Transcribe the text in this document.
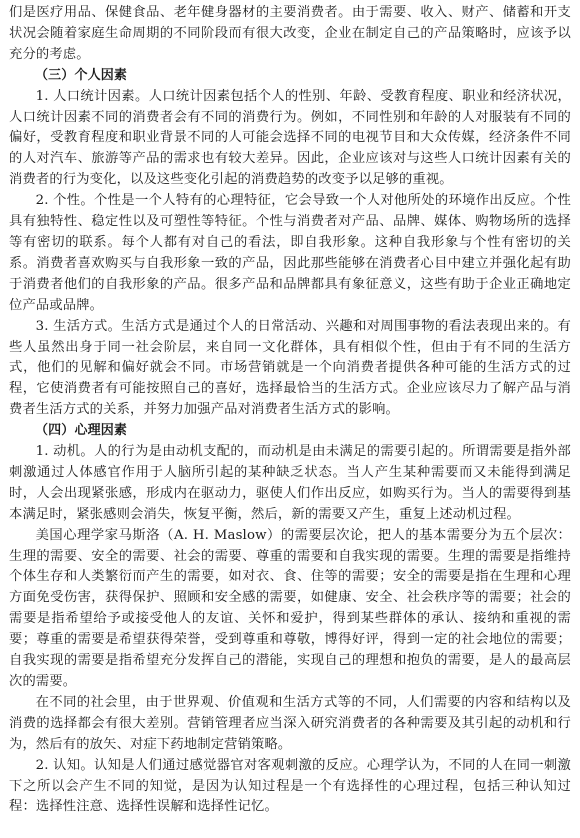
们是医疗用品、保健食品、老年健身器材的主要消费者。由于需要、收入、财产、储蓄和开支状况会随着家庭生命周期的不同阶段而有很大改变，企业在制定自己的产品策略时，应该予以充分的考虑。

（三）个人因素

1. 人口统计因素。人口统计因素包括个人的性别、年龄、受教育程度、职业和经济状况，人口统计因素不同的消费者会有不同的消费行为。例如，不同性别和年龄的人对服装有不同的偏好，受教育程度和职业背景不同的人可能会选择不同的电视节目和大众传媒，经济条件不同的人对汽车、旅游等产品的需求也有较大差异。因此，企业应该对与这些人口统计因素有关的消费者的行为变化，以及这些变化引起的消费趋势的改变予以足够的重视。

2. 个性。个性是一个人特有的心理特征，它会导致一个人对他所处的环境作出反应。个性具有独特性、稳定性以及可塑性等特征。个性与消费者对产品、品牌、媒体、购物场所的选择等有密切的联系。每个人都有对自己的看法，即自我形象。这种自我形象与个性有密切的关系。消费者喜欢购买与自我形象一致的产品，因此那些能够在消费者心目中建立并强化起有助于消费者他们的自我形象的产品。很多产品和品牌都具有象征意义，这些有助于企业正确地定位产品或品牌。

3. 生活方式。生活方式是通过个人的日常活动、兴趣和对周围事物的看法表现出来的。有些人虽然出身于同一社会阶层，来自同一文化群体，具有相似个性，但由于有不同的生活方式，他们的见解和偏好就会不同。市场营销就是一个向消费者提供各种可能的生活方式的过程，它使消费者有可能按照自己的喜好，选择最恰当的生活方式。企业应该尽力了解产品与消费者生活方式的关系，并努力加强产品对消费者生活方式的影响。

（四）心理因素

1. 动机。人的行为是由动机支配的，而动机是由未满足的需要引起的。所谓需要是指外部刺激通过人体感官作用于人脑所引起的某种缺乏状态。当人产生某种需要而又未能得到满足时，人会出现紧张感，形成内在驱动力，驱使人们作出反应，如购买行为。当人的需要得到基本满足时，紧张感则会消失，恢复平衡，然后，新的需要又产生，重复上述动机过程。

美国心理学家马斯洛（A. H. Maslow）的需要层次论，把人的基本需要分为五个层次：生理的需要、安全的需要、社会的需要、尊重的需要和自我实现的需要。生理的需要是指维持个体生存和人类繁衍而产生的需要，如对衣、食、住等的需要；安全的需要是指在生理和心理方面免受伤害，获得保护、照顾和安全感的需要，如健康、安全、社会秩序等的需要；社会的需要是指希望给予或接受他人的友谊、关怀和爱护，得到某些群体的承认、接纳和重视的需要；尊重的需要是希望获得荣誉，受到尊重和尊敬，博得好评，得到一定的社会地位的需要；自我实现的需要是指希望充分发挥自己的潜能，实现自己的理想和抱负的需要，是人的最高层次的需要。

在不同的社会里，由于世界观、价值观和生活方式等的不同，人们需要的内容和结构以及消费的选择都会有很大差别。营销管理者应当深入研究消费者的各种需要及其引起的动机和行为，然后有的放矢、对症下药地制定营销策略。

2. 认知。认知是人们通过感觉器官对客观刺激的反应。心理学认为，不同的人在同一刺激下之所以会产生不同的知觉，是因为认知过程是一个有选择性的心理过程，包括三种认知过程：选择性注意、选择性误解和选择性记忆。
